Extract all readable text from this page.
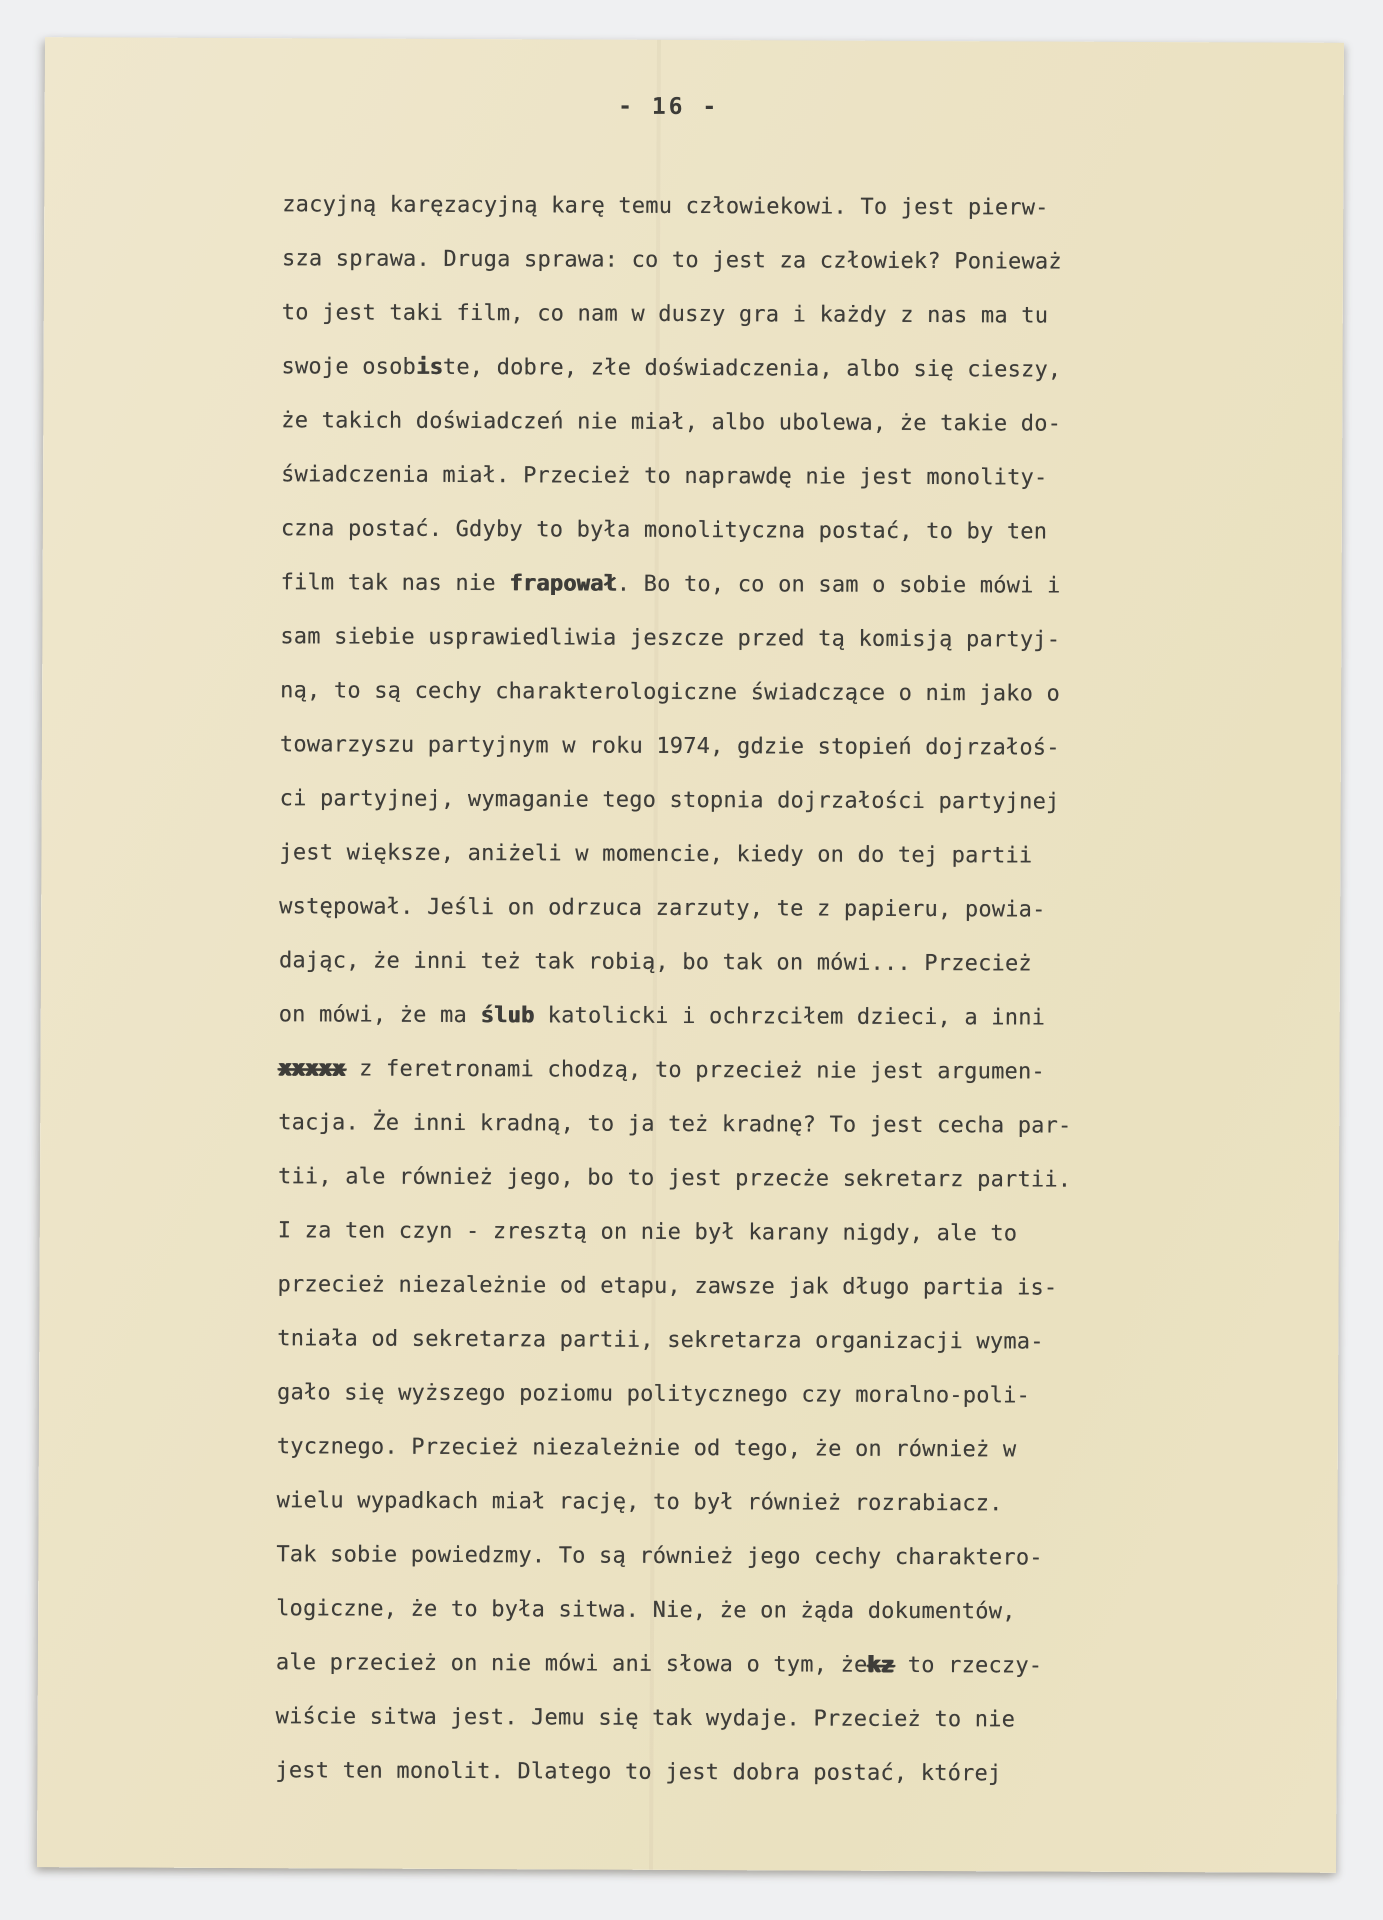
- 16 -
zacyjną karęzacyjną karę temu człowiekowi. To jest pierw-
sza sprawa. Druga sprawa: co to jest za człowiek? Ponieważ
to jest taki film, co nam w duszy gra i każdy z nas ma tu
swoje osobiste, dobre, złe doświadczenia, albo się cieszy,
że takich doświadczeń nie miał, albo ubolewa, że takie do-
świadczenia miał. Przecież to naprawdę nie jest monolity-
czna postać. Gdyby to była monolityczna postać, to by ten
film tak nas nie frapował. Bo to, co on sam o sobie mówi i
sam siebie usprawiedliwia jeszcze przed tą komisją partyj-
ną, to są cechy charakterologiczne świadczące o nim jako o
towarzyszu partyjnym w roku 1974, gdzie stopień dojrzałoś-
ci partyjnej, wymaganie tego stopnia dojrzałości partyjnej
jest większe, aniżeli w momencie, kiedy on do tej partii
wstępował. Jeśli on odrzuca zarzuty, te z papieru, powia-
dając, że inni też tak robią, bo tak on mówi... Przecież
on mówi, że ma ślub katolicki i ochrzciłem dzieci, a inni
xxxxx z feretronami chodzą, to przecież nie jest argumen-
tacja. Że inni kradną, to ja też kradnę? To jest cecha par-
tii, ale również jego, bo to jest przecże sekretarz partii.
I za ten czyn - zresztą on nie był karany nigdy, ale to
przecież niezależnie od etapu, zawsze jak długo partia is-
tniała od sekretarza partii, sekretarza organizacji wyma-
gało się wyższego poziomu politycznego czy moralno-poli-
tycznego. Przecież niezależnie od tego, że on również w
wielu wypadkach miał rację, to był również rozrabiacz.
Tak sobie powiedzmy. To są również jego cechy charaktero-
logiczne, że to była sitwa. Nie, że on żąda dokumentów,
ale przecież on nie mówi ani słowa o tym, żekz to rzeczy-
wiście sitwa jest. Jemu się tak wydaje. Przecież to nie
jest ten monolit. Dlatego to jest dobra postać, której
